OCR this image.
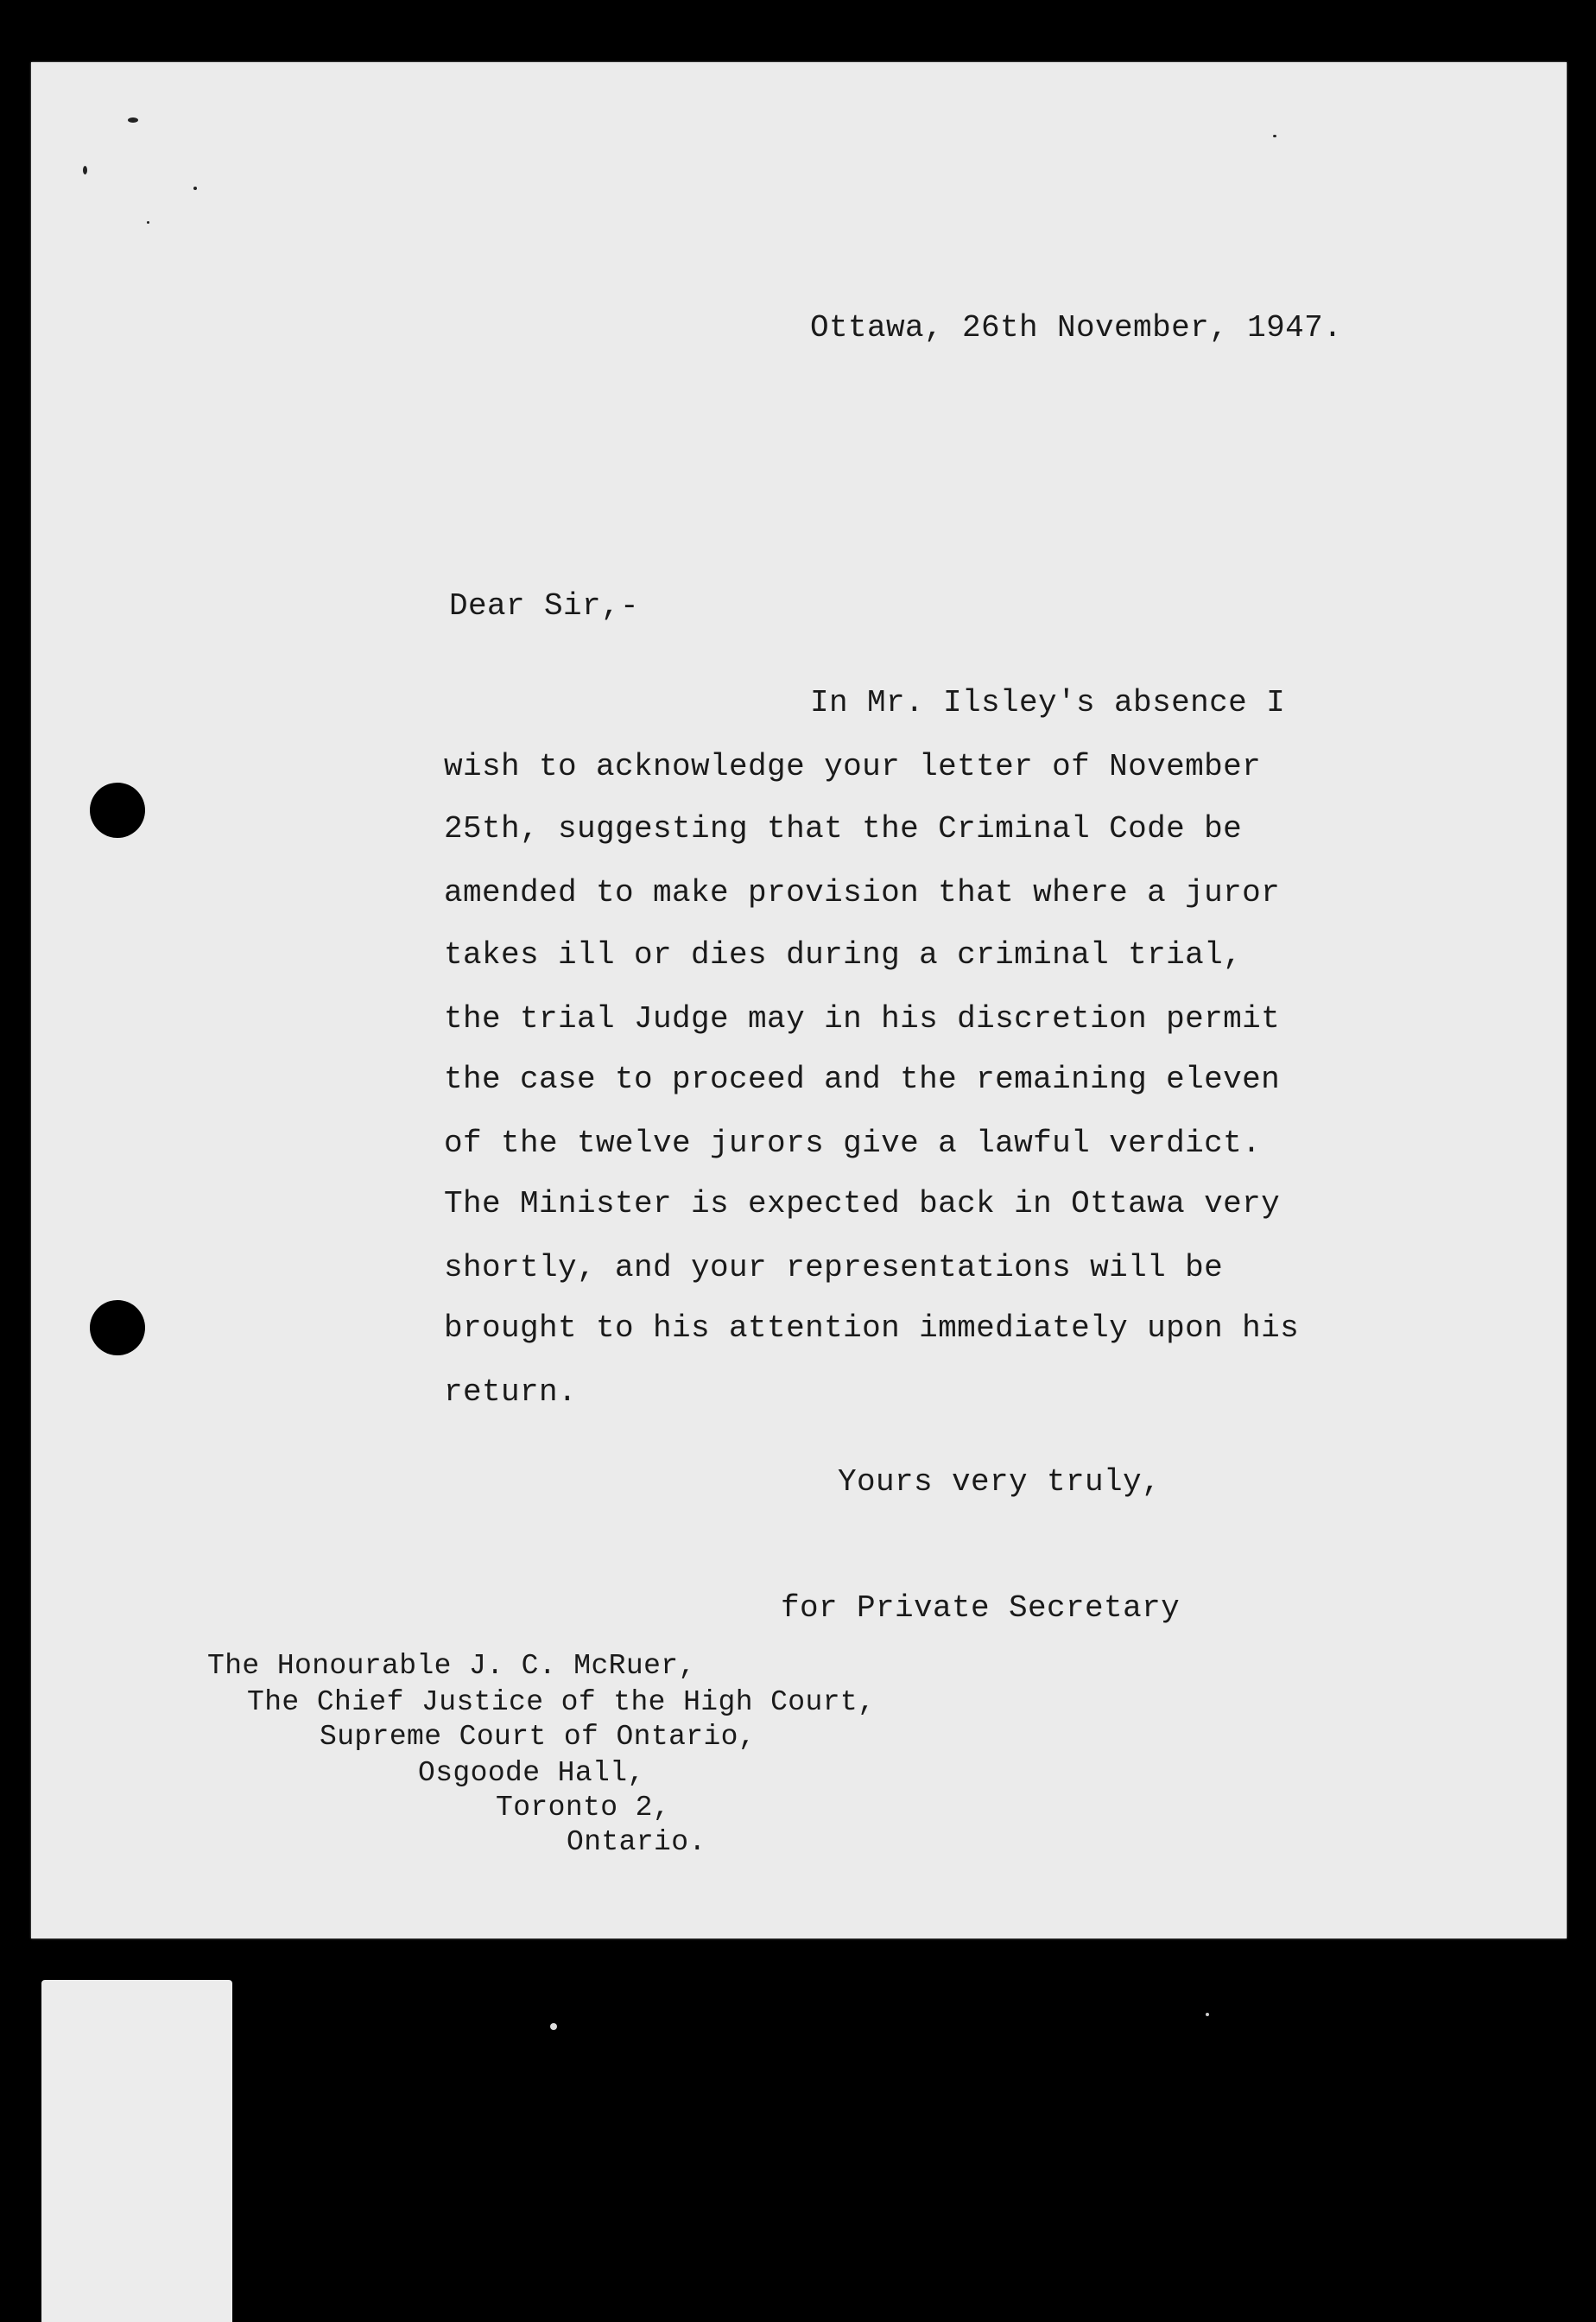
Ottawa, 26th November, 1947.

Dear Sir,-

In Mr. Ilsley's absence I

wish to acknowledge your letter of November

25th, suggesting that the Criminal Code be

amended to make provision that where a juror

takes ill or dies during a criminal trial,

the trial Judge may in his discretion permit

the case to proceed and the remaining eleven

of the twelve jurors give a lawful verdict.

The Minister is expected back in Ottawa very

shortly, and your representations will be

brought to his attention immediately upon his

return.

Yours very truly,

for Private Secretary

The Honourable J. C. McRuer,

The Chief Justice of the High Court,

Supreme Court of Ontario,

Osgoode Hall,

Toronto 2,

Ontario.
